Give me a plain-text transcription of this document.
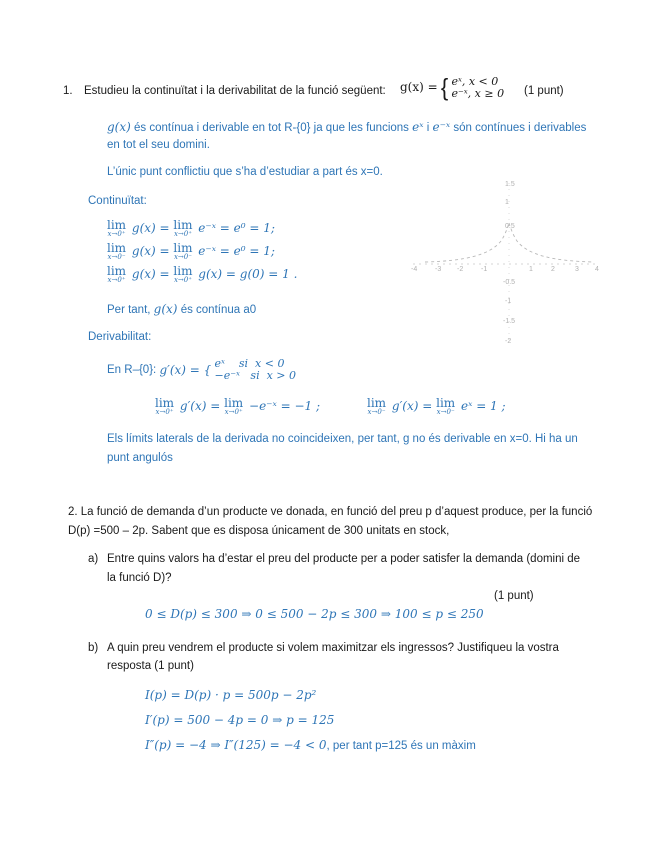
1. Estudieu la continuïtat i la derivabilitat de la funció següent: g(x) = { eˣ, x < 0
e⁻ˣ, x ≥ 0 (1 punt)
g(x) és contínua i derivable en tot R-{0} ja que les funcions eˣ i e⁻ˣ són contínues i derivables
en tot el seu domini.
L’únic punt conflictiu que s’ha d’estudiar a part és x=0.
Continuïtat:
lim
x→0⁺ g(x) = lim
x→0⁺ e⁻ˣ = e⁰ = 1;
lim
x→0⁻ g(x) = lim
x→0⁻ e⁻ˣ = e⁰ = 1;
lim
x→0⁺ g(x) = lim
x→0⁺ g(x) = g(0) = 1 .
Per tant, g(x) és contínua a0
Derivabilitat:
En R–{0}: g′(x) = { eˣ    si  x < 0
−e⁻ˣ   si  x > 0
lim
x→0⁺ g′(x) = lim
x→0⁺ −e⁻ˣ = −1 ;	lim
x→0⁻ g′(x) = lim
x→0⁻ eˣ = 1 ;
Els límits laterals de la derivada no coincideixen, per tant, g no és derivable en x=0. Hi ha un
punt angulós
-4	-3 -2	-1	1	2	3 4
1.5
1
0.5
-0.5
-1
-1.5
-2
2. La funció de demanda d’un producte ve donada, en funció del preu p d’aquest produce, per la funció
D(p) =500 – 2p. Sabent que es disposa únicament de 300 unitats en stock,
a) Entre quins valors ha d’estar el preu del producte per a poder satisfer la demanda (domini de
la funció D)?
(1 punt)
0 ≤ D(p) ≤ 300 ⇒ 0 ≤ 500 − 2p ≤ 300 ⇒ 100 ≤ p ≤ 250
b) A quin preu vendrem el producte si volem maximitzar els ingressos? Justifiqueu la vostra
resposta (1 punt)
I(p) = D(p) · p = 500p − 2p²
I′(p) = 500 − 4p = 0 ⇒ p = 125
I″(p) = −4 ⇒ I″(125) = −4 < 0, per tant p=125 és un màxim
